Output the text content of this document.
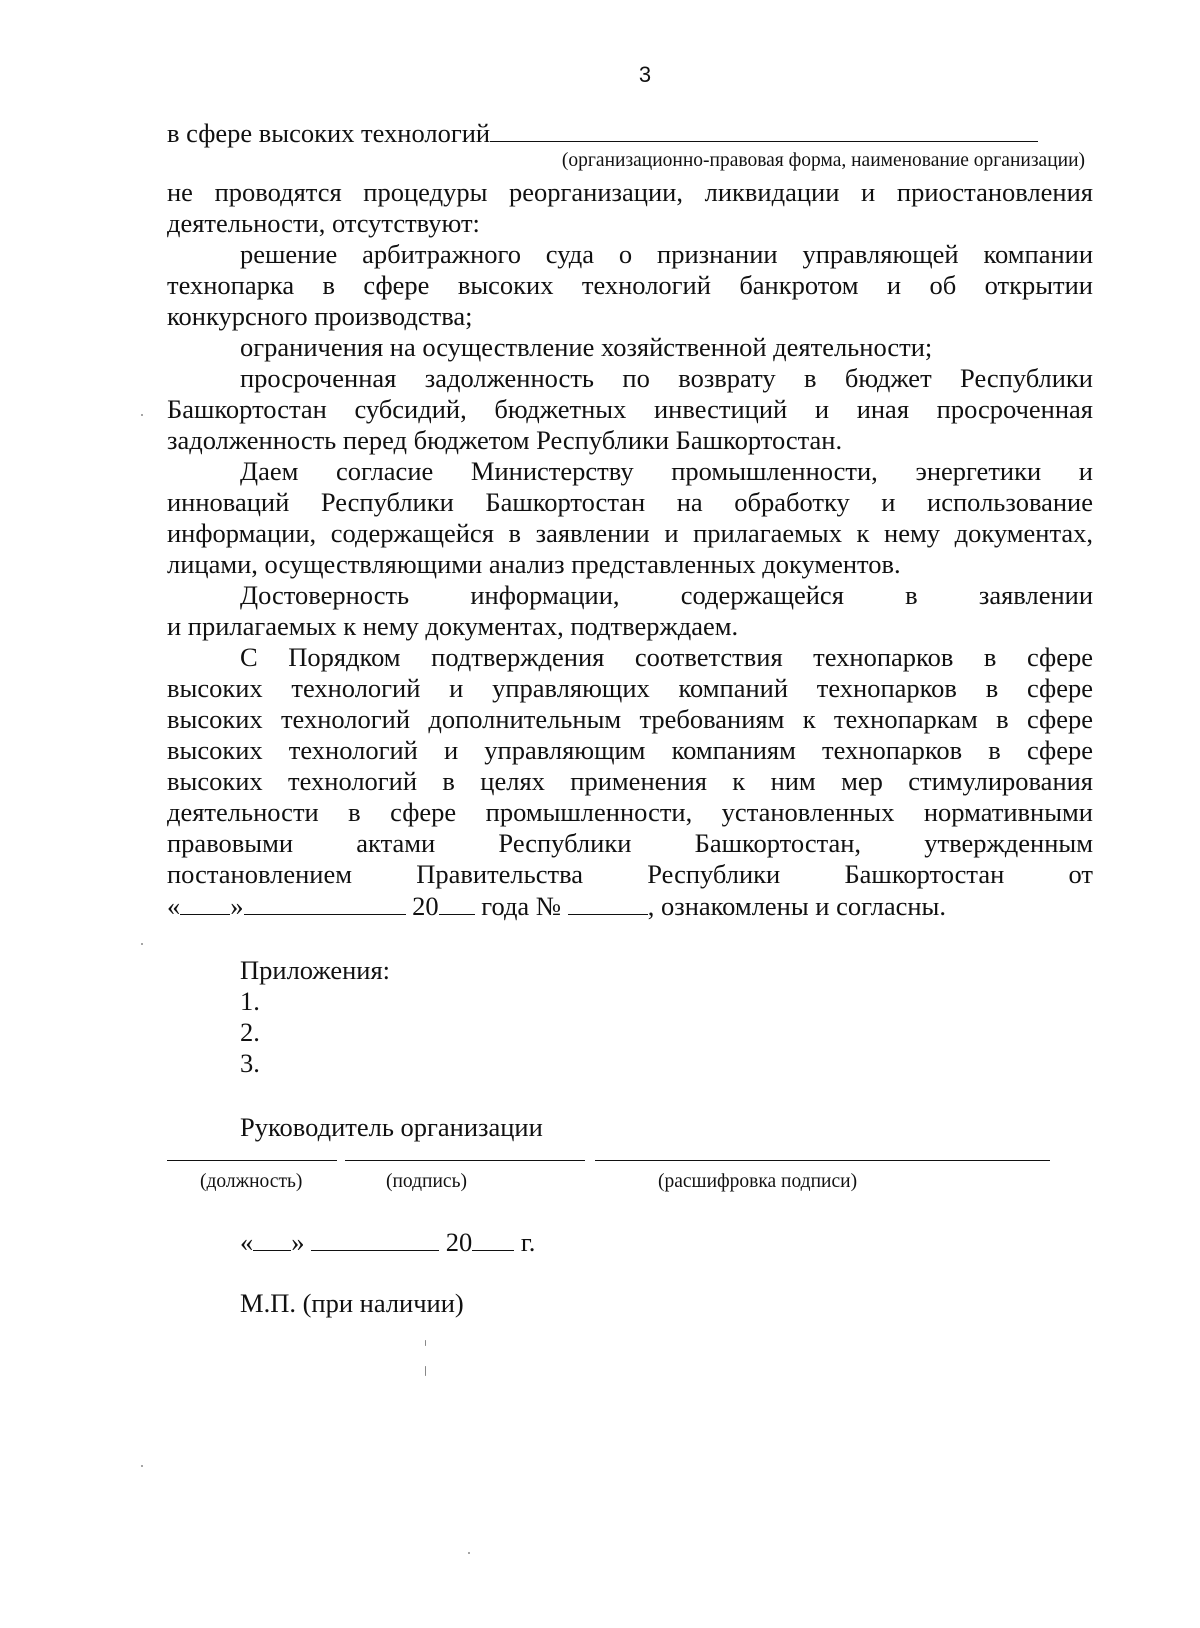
3
в сфере высоких технологий
(организационно-правовая форма, наименование организации)
не проводятся процедуры реорганизации, ликвидации и приостановления
деятельности, отсутствуют:
решение арбитражного суда о признании управляющей компании
технопарка в сфере высоких технологий банкротом и об открытии
конкурсного производства;
ограничения на осуществление хозяйственной деятельности;
просроченная задолженность по возврату в бюджет Республики
Башкортостан субсидий, бюджетных инвестиций и иная просроченная
задолженность перед бюджетом Республики Башкортостан.
Даем согласие Министерству промышленности, энергетики и
инноваций Республики Башкортостан на обработку и использование
информации, содержащейся в заявлении и прилагаемых к нему документах,
лицами, осуществляющими анализ представленных документов.
Достоверность информации, содержащейся в заявлении
и прилагаемых к нему документах, подтверждаем.
С Порядком подтверждения соответствия технопарков в сфере
высоких технологий и управляющих компаний технопарков в сфере
высоких технологий дополнительным требованиям к технопаркам в сфере
высоких технологий и управляющим компаниям технопарков в сфере
высоких технологий в целях применения к ним мер стимулирования
деятельности в сфере промышленности, установленных нормативными
правовыми актами Республики Башкортостан, утвержденным
постановлением Правительства Республики Башкортостан от
« »	20 года №	, ознакомлены и согласны.
Приложения:
1.
2.
3.
Руководитель организации
(должность)	(подпись)	(расшифровка подписи)
« »	20 г.
М.П. (при наличии)
